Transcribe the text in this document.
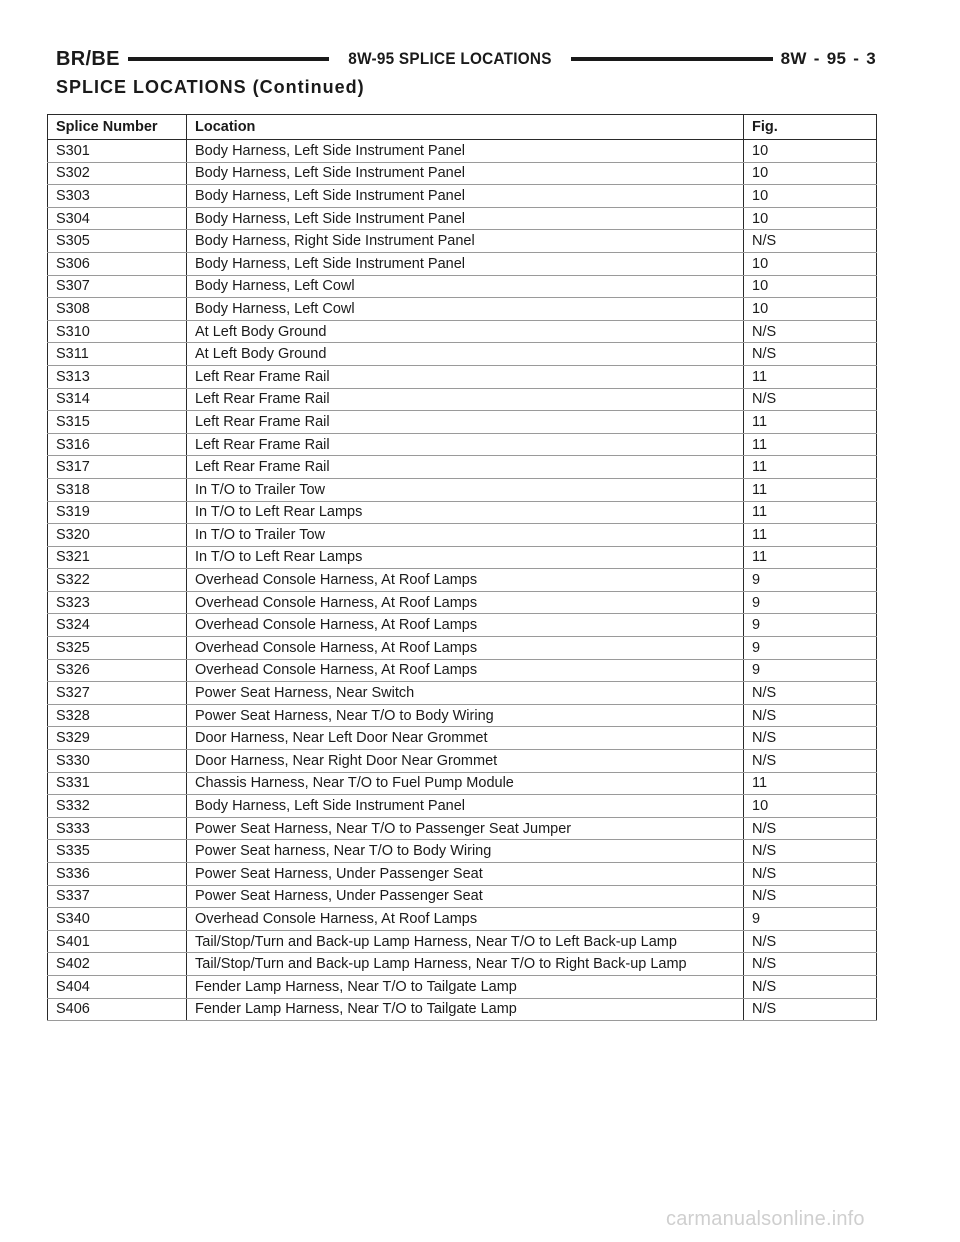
BR/BE	8W-95 SPLICE LOCATIONS	8W - 95 - 3
SPLICE LOCATIONS (Continued)
Splice Number	Location	Fig.
S301	Body Harness, Left Side Instrument Panel	10
S302	Body Harness, Left Side Instrument Panel	10
S303	Body Harness, Left Side Instrument Panel	10
S304	Body Harness, Left Side Instrument Panel	10
S305	Body Harness, Right Side Instrument Panel	N/S
S306	Body Harness, Left Side Instrument Panel	10
S307	Body Harness, Left Cowl	10
S308	Body Harness, Left Cowl	10
S310	At Left Body Ground	N/S
S311	At Left Body Ground	N/S
S313	Left Rear Frame Rail	11
S314	Left Rear Frame Rail	N/S
S315	Left Rear Frame Rail	11
S316	Left Rear Frame Rail	11
S317	Left Rear Frame Rail	11
S318	In T/O to Trailer Tow	11
S319	In T/O to Left Rear Lamps	11
S320	In T/O to Trailer Tow	11
S321	In T/O to Left Rear Lamps	11
S322	Overhead Console Harness, At Roof Lamps	9
S323	Overhead Console Harness, At Roof Lamps	9
S324	Overhead Console Harness, At Roof Lamps	9
S325	Overhead Console Harness, At Roof Lamps	9
S326	Overhead Console Harness, At Roof Lamps	9
S327	Power Seat Harness, Near Switch	N/S
S328	Power Seat Harness, Near T/O to Body Wiring	N/S
S329	Door Harness, Near Left Door Near Grommet	N/S
S330	Door Harness, Near Right Door Near Grommet	N/S
S331	Chassis Harness, Near T/O to Fuel Pump Module	11
S332	Body Harness, Left Side Instrument Panel	10
S333	Power Seat Harness, Near T/O to Passenger Seat Jumper	N/S
S335	Power Seat harness, Near T/O to Body Wiring	N/S
S336	Power Seat Harness, Under Passenger Seat	N/S
S337	Power Seat Harness, Under Passenger Seat	N/S
S340	Overhead Console Harness, At Roof Lamps	9
S401	Tail/Stop/Turn and Back-up Lamp Harness, Near T/O to Left Back-up Lamp	N/S
S402	Tail/Stop/Turn and Back-up Lamp Harness, Near T/O to Right Back-up Lamp	N/S
S404	Fender Lamp Harness, Near T/O to Tailgate Lamp	N/S
S406	Fender Lamp Harness, Near T/O to Tailgate Lamp	N/S
carmanualsonline.info
